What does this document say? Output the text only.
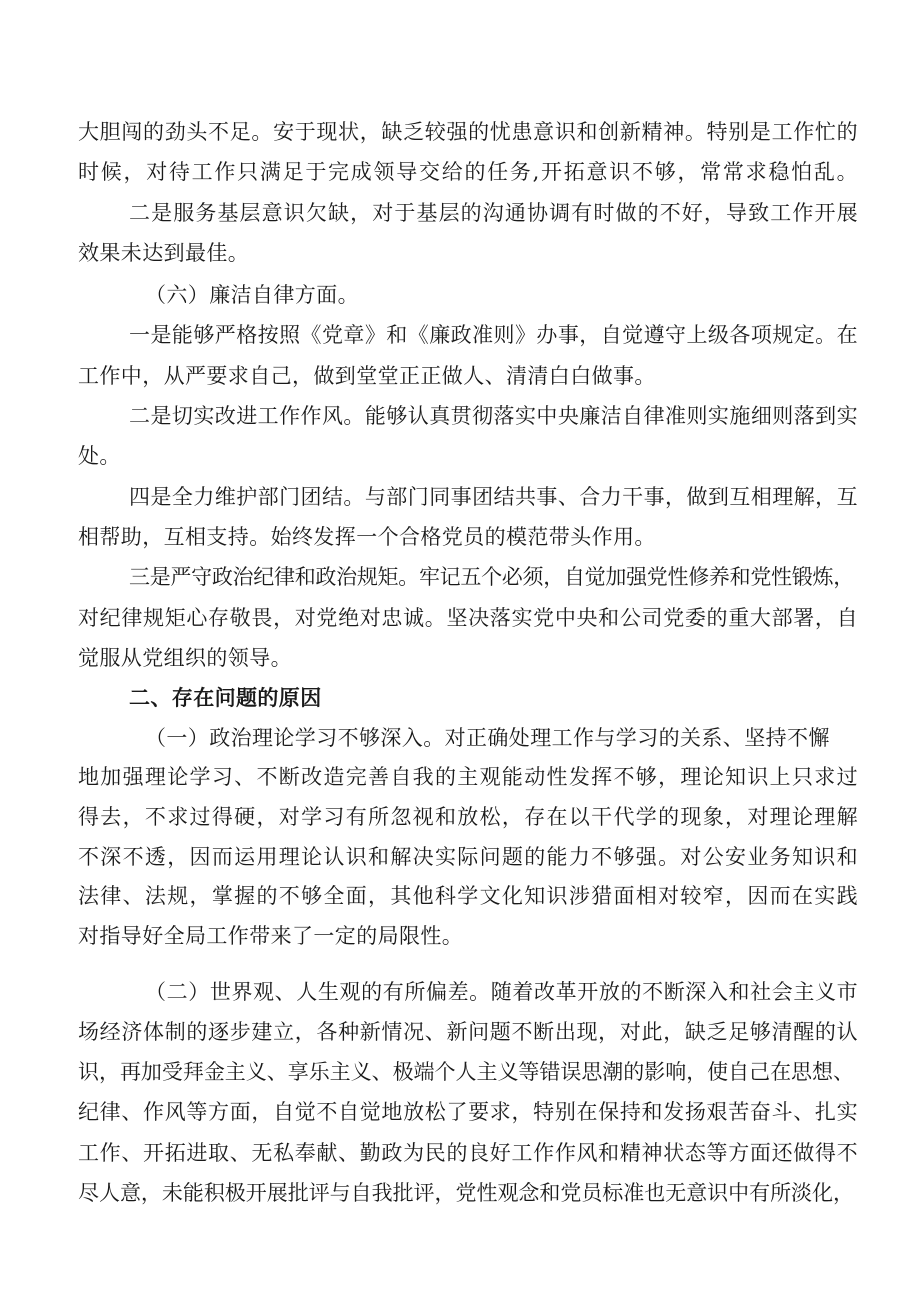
大胆闯的劲头不足。安于现状，缺乏较强的忧患意识和创新精神。特别是工作忙的
时候，对待工作只满足于完成领导交给的任务,开拓意识不够，常常求稳怕乱。
二是服务基层意识欠缺，对于基层的沟通协调有时做的不好，导致工作开展
效果未达到最佳。
（六）廉洁自律方面。
一是能够严格按照《党章》和《廉政准则》办事，自觉遵守上级各项规定。在
工作中，从严要求自己，做到堂堂正正做人、清清白白做事。
二是切实改进工作作风。能够认真贯彻落实中央廉洁自律准则实施细则落到实
处。
四是全力维护部门团结。与部门同事团结共事、合力干事，做到互相理解，互
相帮助，互相支持。始终发挥一个合格党员的模范带头作用。
三是严守政治纪律和政治规矩。牢记五个必须，自觉加强党性修养和党性锻炼，
对纪律规矩心存敬畏，对党绝对忠诚。坚决落实党中央和公司党委的重大部署，自
觉服从党组织的领导。
二、存在问题的原因
（一）政治理论学习不够深入。对正确处理工作与学习的关系、坚持不懈
地加强理论学习、不断改造完善自我的主观能动性发挥不够，理论知识上只求过
得去，不求过得硬，对学习有所忽视和放松，存在以干代学的现象，对理论理解
不深不透，因而运用理论认识和解决实际问题的能力不够强。对公安业务知识和
法律、法规，掌握的不够全面，其他科学文化知识涉猎面相对较窄，因而在实践
对指导好全局工作带来了一定的局限性。
（二）世界观、人生观的有所偏差。随着改革开放的不断深入和社会主义市
场经济体制的逐步建立，各种新情况、新问题不断出现，对此，缺乏足够清醒的认
识，再加受拜金主义、享乐主义、极端个人主义等错误思潮的影响，使自己在思想、
纪律、作风等方面，自觉不自觉地放松了要求，特别在保持和发扬艰苦奋斗、扎实
工作、开拓进取、无私奉献、勤政为民的良好工作作风和精神状态等方面还做得不
尽人意，未能积极开展批评与自我批评，党性观念和党员标准也无意识中有所淡化，
